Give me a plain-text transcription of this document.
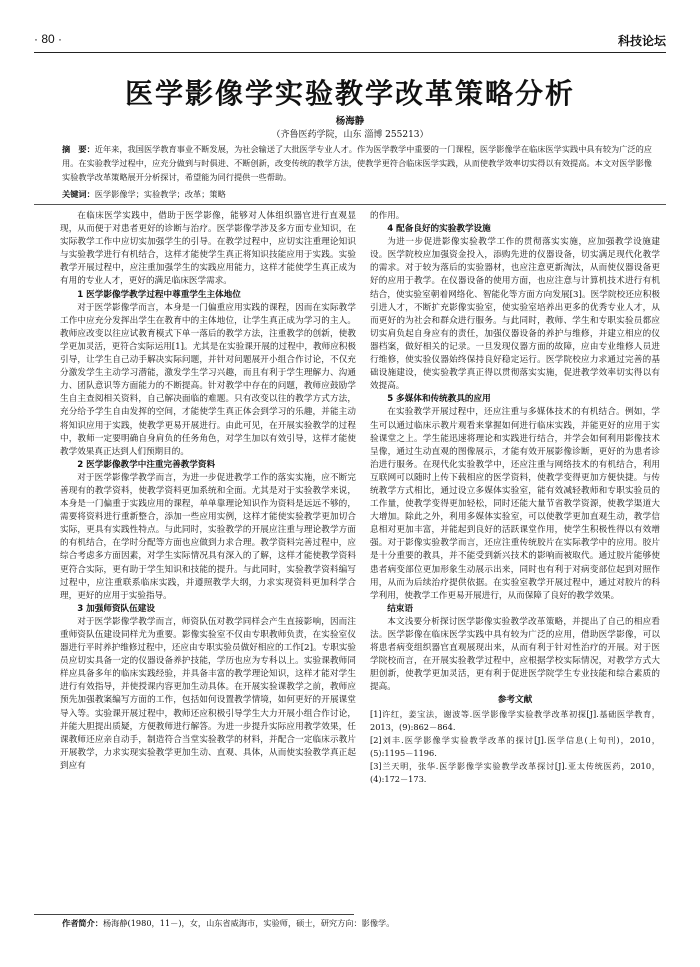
· 80 ·	科技论坛
医学影像学实验教学改革策略分析
杨海静
（齐鲁医药学院，山东 淄博 255213）
摘　要：近年来，我国医学教育事业不断发展，为社会输送了大批医学专业人才。作为医学教学中重要的一门课程，医学影像学在临床医学实践中具有较为广泛的应用。在实验教学过程中，应充分做到与时俱进、不断创新，改变传统的教学方法，使教学更符合临床医学实践，从而使教学效率切实得以有效提高。本文对医学影像实验教学改革策略展开分析探讨，希望能为同行提供一些帮助。
关键词：医学影像学；实验教学；改革；策略

在临床医学实践中，借助于医学影像，能够对人体组织器官进行直观显现，从而便于对患者更好的诊断与治疗。医学影像学涉及多方面专业知识，在实际教学工作中应切实加强学生的引导。在教学过程中，应切实注重理论知识与实验教学进行有机结合，这样才能使学生真正将知识技能应用于实践。实验教学开展过程中，应注重加强学生的实践应用能力，这样才能使学生真正成为有用的专业人才，更好的满足临床医学需求。

1 医学影像学教学过程中尊重学生主体地位

对于医学影像学而言，本身是一门偏重应用实践的课程，因而在实际教学工作中应充分发挥出学生在教育中的主体地位，让学生真正成为学习的主人。教师应改变以往应试教育模式下单一落后的教学方法，注重教学的创新，使教学更加灵活，更符合实际运用[1]。尤其是在实验课开展的过程中，教师应积极引导，让学生自己动手解决实际问题，并针对问题展开小组合作讨论，不仅充分激发学生主动学习潜能，激发学生学习兴趣，而且有利于学生理解力、沟通力、团队意识等方面能力的不断提高。针对教学中存在的问题，教师应鼓励学生自主查阅相关资料，自己解决面临的难题。只有改变以往的教学方式方法，充分给予学生自由发挥的空间，才能使学生真正体会到学习的乐趣，并能主动将知识应用于实践，使教学更易开展进行。由此可见，在开展实验教学的过程中，教师一定要明确自身肩负的任务角色，对学生加以有效引导，这样才能使教学效果真正达到人们预期目的。

2 医学影像教学中注重完善教学资料

对于医学影像学教学而言，为进一步促进教学工作的落实实施，应不断完善现有的教学资料，使教学资料更加系统和全面。尤其是对于实验教学来说，本身是一门偏重于实践应用的课程，单单靠理论知识作为资料是远远不够的，需要将资料进行重新整合，添加一些应用实例，这样才能使实验教学更加切合实际，更具有实践性特点。与此同时，实验教学的开展应注重与理论教学方面的有机结合，在学时分配等方面也应做到力求合理。教学资料完善过程中，应综合考虑多方面因素，对学生实际情况具有深入的了解，这样才能使教学资料更符合实际，更有助于学生知识和技能的提升。与此同时，实验教学资料编写过程中，应注重联系临床实践，并遵照教学大纲，力求实现资料更加科学合理，更好的应用于实验指导。

3 加强师资队伍建设

对于医学影像学教学而言，师资队伍对教学同样会产生直接影响，因而注重师资队伍建设同样尤为重要。影像实验室不仅由专职教师负责，在实验室仪器进行平时养护维修过程中，还应由专职实验员做好相应的工作[2]。专职实验员应切实具备一定的仪器设备养护技能，学历也应为专科以上。实验课教师同样应具备多年的临床实践经验，并具备丰富的教学理论知识，这样才能对学生进行有效指导，并使授课内容更加生动具体。在开展实验课教学之前，教师应预先加强教案编写方面的工作，包括如何设置教学情境，如何更好的开展课堂导入等。实验课开展过程中，教师还应积极引导学生大力开展小组合作讨论，并能大胆提出质疑，方便教师进行解答。为进一步提升实际应用教学效果，任课教师还应亲自动手，制造符合当堂实验教学的材料，并配合一定临床示教片开展教学，力求实现实验教学更加生动、直观、具体，从而使实验教学真正起到应有

的作用。

4 配备良好的实验教学设施

为进一步促进影像实验教学工作的贯彻落实实施，应加强教学设施建设。医学院校应加强资金投入，添购先进的仪器设备，切实满足现代化教学的需求。对于较为落后的实验器材，也应注意更新淘汰，从而使仪器设备更好的应用于教学。在仪器设备的使用方面，也应注意与计算机技术进行有机结合，使实验室朝着网络化、智能化等方面方向发展[3]。医学院校还应积极引进人才，不断扩充影像实验室，使实验室培养出更多的优秀专业人才，从而更好的为社会和群众进行服务。与此同时，教师、学生和专职实验员都应切实肩负起自身应有的责任，加强仪器设备的养护与维修，并建立相应的仪器档案，做好相关的记录。一旦发现仪器方面的故障，应由专业维修人员进行维修，使实验仪器始终保持良好稳定运行。医学院校应力求通过完善的基础设施建设，使实验教学真正得以贯彻落实实施，促进教学效率切实得以有效提高。

5 多媒体和传统教具的应用

在实验教学开展过程中，还应注重与多媒体技术的有机结合。例如，学生可以通过临床示教片观看来掌握如何进行临床实践，并能更好的应用于实验课堂之上。学生能迅速将理论和实践进行结合，并学会如何利用影像技术呈像，通过生动直观的图像展示，才能有效开展影像诊断，更好的为患者诊治进行服务。在现代化实验教学中，还应注重与网络技术的有机结合，利用互联网可以随时上传下载相应的医学资料，使教学变得更加方便快捷。与传统教学方式相比，通过设立多媒体实验室，能有效减轻教师和专职实验员的工作量，使教学变得更加轻松，同时还能大量节省教学资源，使教学渠道大大增加。除此之外，利用多媒体实验室，可以使教学更加直观生动，教学信息相对更加丰富，并能起到良好的活跃课堂作用，使学生积极性得以有效增强。对于影像实验教学而言，还应注重传统胶片在实际教学中的应用。胶片是十分重要的教具，并不能受到新兴技术的影响而被取代。通过胶片能够使患者病变部位更加形象生动展示出来，同时也有利于对病变部位起到对照作用，从而为后续治疗提供依据。在实验室教学开展过程中，通过对胶片的科学利用，使教学工作更易开展进行，从而保障了良好的教学效果。

结束语

本文浅要分析探讨医学影像实验教学改革策略，并提出了自己的相应看法。医学影像在临床医学实践中具有较为广泛的应用，借助医学影像，可以将患者病变组织器官直观展现出来，从而有利于针对性治疗的开展。对于医学院校而言，在开展实验教学过程中，应根据学校实际情况，对教学方式大胆创新，使教学更加灵活，更有利于促进医学院学生专业技能和综合素质的提高。

参考文献

[1]许红，姜宝法，谢波等.医学影像学实验教学改革初探[J].基础医学教育，2013，(9):862－864.

[2]刘丰.医学影像学实验教学改革的探讨[J].医学信息(上旬刊)，2010，(5):1195－1196.

[3]兰天明，张华.医学影像学实验教学改革探讨[J].亚太传统医药，2010，(4):172－173.

作者简介：杨海静(1980，11－)，女，山东省威海市，实验师，硕士，研究方向：影像学。
